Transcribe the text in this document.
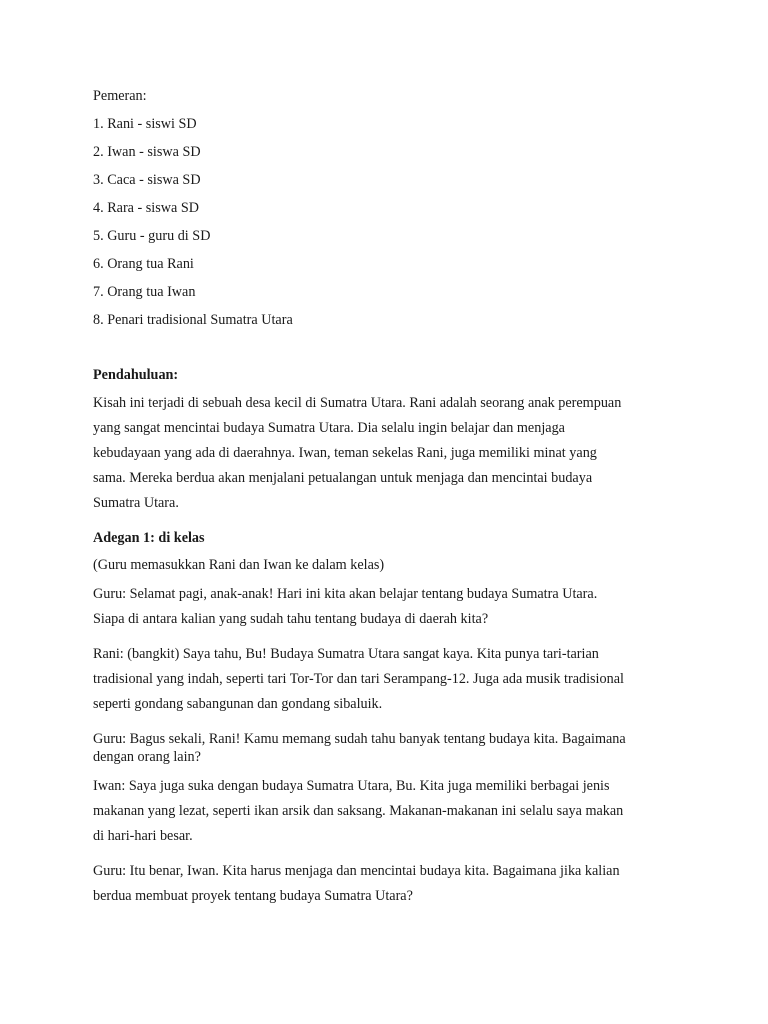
Pemeran:
1. Rani - siswi SD
2. Iwan - siswa SD
3. Caca - siswa SD
4. Rara - siswa SD
5. Guru - guru di SD
6. Orang tua Rani
7. Orang tua Iwan
8. Penari tradisional Sumatra Utara
Pendahuluan:
Kisah ini terjadi di sebuah desa kecil di Sumatra Utara. Rani adalah seorang anak perempuan
yang sangat mencintai budaya Sumatra Utara. Dia selalu ingin belajar dan menjaga
kebudayaan yang ada di daerahnya. Iwan, teman sekelas Rani, juga memiliki minat yang
sama. Mereka berdua akan menjalani petualangan untuk menjaga dan mencintai budaya
Sumatra Utara.
Adegan 1: di kelas
(Guru memasukkan Rani dan Iwan ke dalam kelas)
Guru: Selamat pagi, anak-anak! Hari ini kita akan belajar tentang budaya Sumatra Utara.
Siapa di antara kalian yang sudah tahu tentang budaya di daerah kita?
Rani: (bangkit) Saya tahu, Bu! Budaya Sumatra Utara sangat kaya. Kita punya tari-tarian
tradisional yang indah, seperti tari Tor-Tor dan tari Serampang-12. Juga ada musik tradisional
seperti gondang sabangunan dan gondang sibaluik.
Guru: Bagus sekali, Rani! Kamu memang sudah tahu banyak tentang budaya kita. Bagaimana
dengan orang lain?
Iwan: Saya juga suka dengan budaya Sumatra Utara, Bu. Kita juga memiliki berbagai jenis
makanan yang lezat, seperti ikan arsik dan saksang. Makanan-makanan ini selalu saya makan
di hari-hari besar.
Guru: Itu benar, Iwan. Kita harus menjaga dan mencintai budaya kita. Bagaimana jika kalian
berdua membuat proyek tentang budaya Sumatra Utara?
